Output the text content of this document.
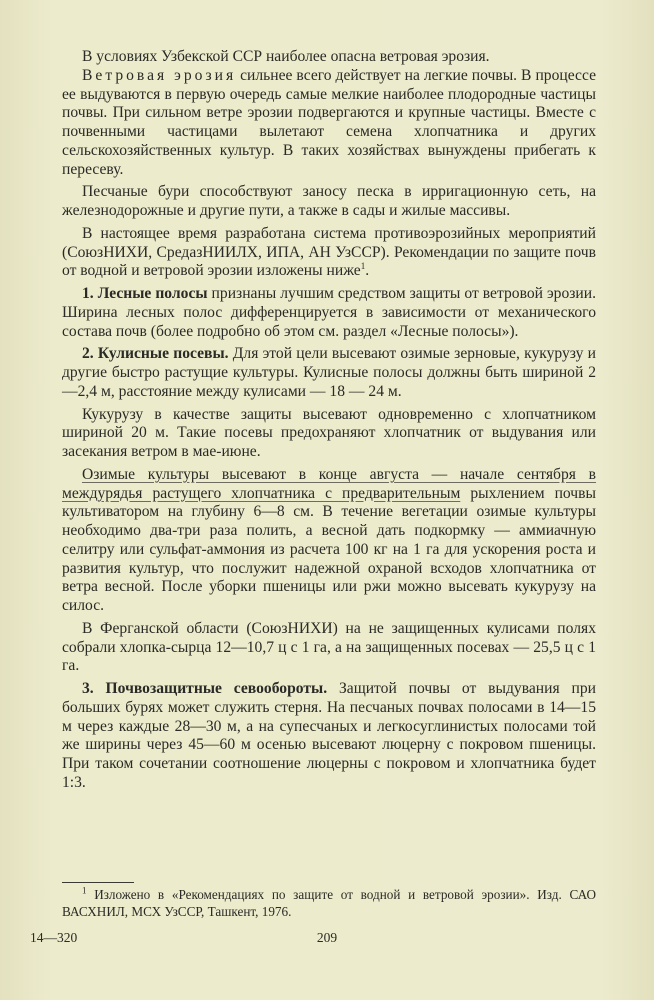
В условиях Узбекской ССР наиболее опасна ветровая эрозия.

Ветровая эрозия сильнее всего действует на легкие почвы. В процессе ее выдуваются в первую очередь самые мелкие наиболее плодородные частицы почвы. При сильном ветре эрозии подвергаются и крупные частицы. Вместе с почвенными частицами вылетают семена хлопчатника и других сельскохозяйственных культур. В таких хозяйствах вынуждены прибегать к пересеву.

Песчаные бури способствуют заносу песка в ирригационную сеть, на железнодорожные и другие пути, а также в сады и жилые массивы.

В настоящее время разработана система противоэрозийных мероприятий (СоюзНИХИ, СредазНИИЛХ, ИПА, АН УзССР). Рекомендации по защите почв от водной и ветровой эрозии изложены ниже$^1$.

1. Лесные полосы признаны лучшим средством защиты от ветровой эрозии. Ширина лесных полос дифференцируется в зависимости от механического состава почв (более подробно об этом см. раздел «Лесные полосы»).

2. Кулисные посевы. Для этой цели высевают озимые зерновые, кукурузу и другие быстро растущие культуры. Кулисные полосы должны быть шириной 2—2,4 м, расстояние между кулисами — 18 — 24 м.

Кукурузу в качестве защиты высевают одновременно с хлопчатником шириной 20 м. Такие посевы предохраняют хлопчатник от выдувания или засекания ветром в мае-июне.

Озимые культуры высевают в конце августа — начале сентября в междурядья растущего хлопчатника с предварительным рыхлением почвы культиватором на глубину 6—8 см. В течение вегетации озимые культуры необходимо два-три раза полить, а весной дать подкормку — аммиачную селитру или сульфат-аммония из расчета 100 кг на 1 га для ускорения роста и развития культур, что послужит надежной охраной всходов хлопчатника от ветра весной. После уборки пшеницы или ржи можно высевать кукурузу на силос.

В Ферганской области (СоюзНИХИ) на не защищенных кулисами полях собрали хлопка-сырца 12—10,7 ц с 1 га, а на защищенных посевах — 25,5 ц с 1 га.

3. Почвозащитные севообороты. Защитой почвы от выдувания при больших бурях может служить стерня. На песчаных почвах полосами в 14—15 м через каждые 28—30 м, а на супесчаных и легкосуглинистых полосами той же ширины через 45—60 м осенью высевают люцерну с покровом пшеницы. При таком сочетании соотношение люцерны с покровом и хлопчатника будет 1:3.

$^1$ Изложено в «Рекомендациях по защите от водной и ветровой эрозии». Изд. САО ВАСХНИЛ, МСХ УзССР, Ташкент, 1976.

14—320	209
